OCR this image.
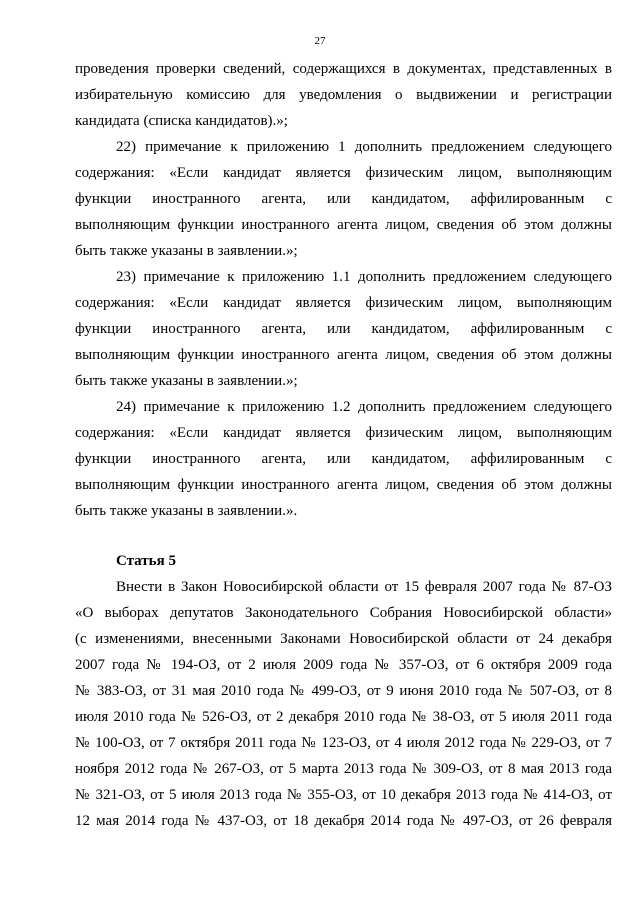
27
проведения проверки сведений, содержащихся в документах, представленных в
избирательную комиссию для уведомления о выдвижении и регистрации
кандидата (списка кандидатов).»;
22) примечание к приложению 1 дополнить предложением следующего
содержания: «Если кандидат является физическим лицом, выполняющим
функции иностранного агента, или кандидатом, аффилированным с
выполняющим функции иностранного агента лицом, сведения об этом должны
быть также указаны в заявлении.»;
23) примечание к приложению 1.1 дополнить предложением следующего
содержания: «Если кандидат является физическим лицом, выполняющим
функции иностранного агента, или кандидатом, аффилированным с
выполняющим функции иностранного агента лицом, сведения об этом должны
быть также указаны в заявлении.»;
24) примечание к приложению 1.2 дополнить предложением следующего
содержания: «Если кандидат является физическим лицом, выполняющим
функции иностранного агента, или кандидатом, аффилированным с
выполняющим функции иностранного агента лицом, сведения об этом должны
быть также указаны в заявлении.».
Статья 5
Внести в Закон Новосибирской области от 15 февраля 2007 года № 87-ОЗ
«О выборах депутатов Законодательного Собрания Новосибирской области»
(с изменениями, внесенными Законами Новосибирской области от 24 декабря
2007 года № 194-ОЗ, от 2 июля 2009 года № 357-ОЗ, от 6 октября 2009 года
№ 383-ОЗ, от 31 мая 2010 года № 499-ОЗ, от 9 июня 2010 года № 507-ОЗ, от 8
июля 2010 года № 526-ОЗ, от 2 декабря 2010 года № 38-ОЗ, от 5 июля 2011 года
№ 100-ОЗ, от 7 октября 2011 года № 123-ОЗ, от 4 июля 2012 года № 229-ОЗ, от 7
ноября 2012 года № 267-ОЗ, от 5 марта 2013 года № 309-ОЗ, от 8 мая 2013 года
№ 321-ОЗ, от 5 июля 2013 года № 355-ОЗ, от 10 декабря 2013 года № 414-ОЗ, от
12 мая 2014 года № 437-ОЗ, от 18 декабря 2014 года № 497-ОЗ, от 26 февраля
